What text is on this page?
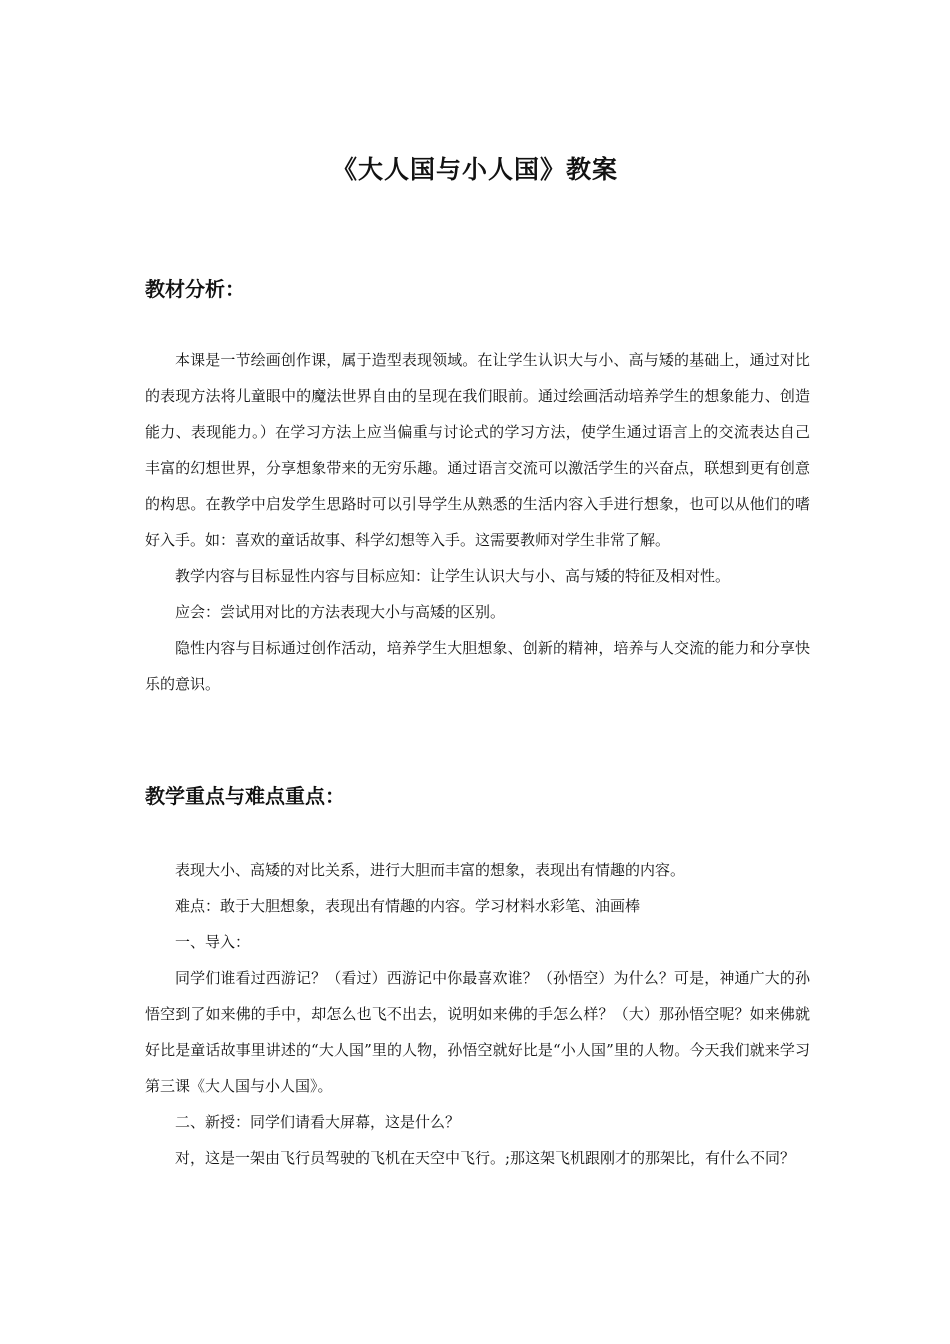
《大人国与小人国》教案
教材分析：

本课是一节绘画创作课，属于造型表现领域。在让学生认识大与小、高与矮的基础上，通过对比的表现方法将儿童眼中的魔法世界自由的呈现在我们眼前。通过绘画活动培养学生的想象能力、创造能力、表现能力。）在学习方法上应当偏重与讨论式的学习方法，使学生通过语言上的交流表达自己丰富的幻想世界，分享想象带来的无穷乐趣。通过语言交流可以激活学生的兴奋点，联想到更有创意的构思。在教学中启发学生思路时可以引导学生从熟悉的生活内容入手进行想象，也可以从他们的嗜好入手。如：喜欢的童话故事、科学幻想等入手。这需要教师对学生非常了解。

教学内容与目标显性内容与目标应知：让学生认识大与小、高与矮的特征及相对性。

应会：尝试用对比的方法表现大小与高矮的区别。

隐性内容与目标通过创作活动，培养学生大胆想象、创新的精神，培养与人交流的能力和分享快乐的意识。

教学重点与难点重点：

表现大小、高矮的对比关系，进行大胆而丰富的想象，表现出有情趣的内容。

难点：敢于大胆想象，表现出有情趣的内容。学习材料水彩笔、油画棒

一、导入：

同学们谁看过西游记？（看过）西游记中你最喜欢谁？（孙悟空）为什么？可是，神通广大的孙悟空到了如来佛的手中，却怎么也飞不出去，说明如来佛的手怎么样？（大）那孙悟空呢？如来佛就好比是童话故事里讲述的“大人国”里的人物，孙悟空就好比是“小人国”里的人物。今天我们就来学习第三课《大人国与小人国》。

二、新授：同学们请看大屏幕，这是什么？

对，这是一架由飞行员驾驶的飞机在天空中飞行。;那这架飞机跟刚才的那架比，有什么不同？
